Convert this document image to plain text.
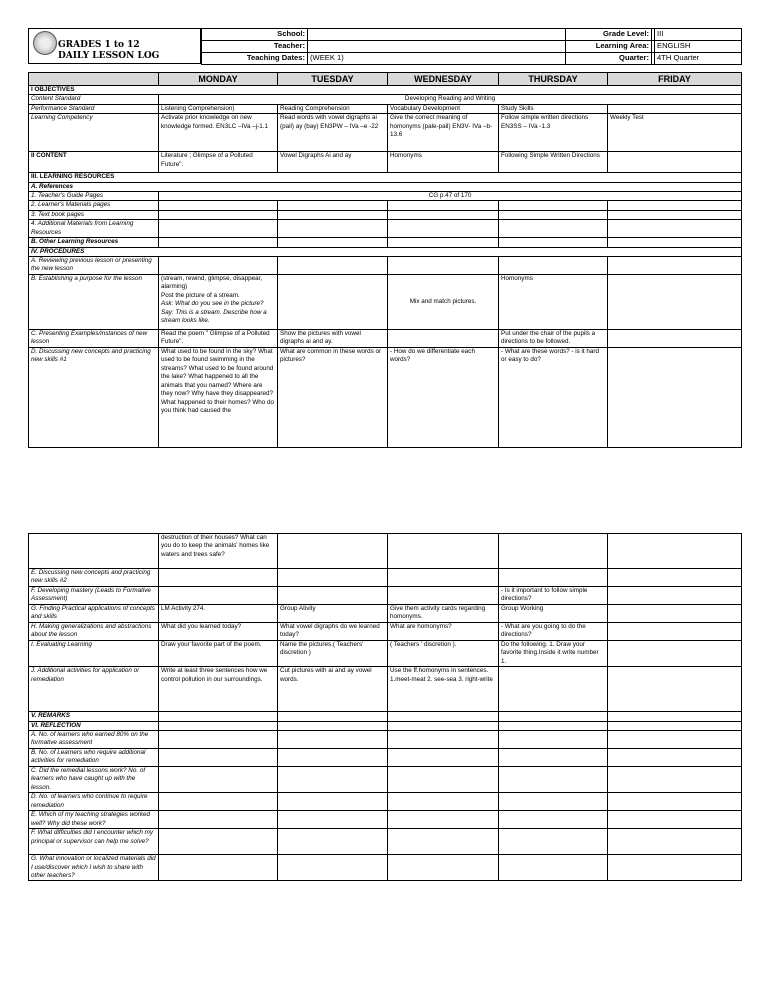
GRADES 1 to 12
DAILY LESSON LOG
School:		Grade Level:		III
Teacher:		Learning Area:		ENGLISH
Teaching Dates:	(WEEK 1)	Quarter:		4TH Quarter
	MONDAY	TUESDAY	WEDNESDAY	THURSDAY	FRIDAY
I OBJECTIVES					
Content Standard	Developing Reading and Writing				
Performance Standard	Listening Comprehension)	Reading Comprehension	Vocabulary Development	Study Skills	
Learning Competency	Activate prior knowledge on new knowledge formed. EN3LC –IVa –j-1.1	Read words with vowel digraphs ai (pail) ay (bay) EN3PW – IVa –e -22	Give the correct meaning of homonyms (pale-pail) EN3V- IVa –b-13.6	Follow simple written directions EN3SS – IVa -1.3	Weekly Test
II CONTENT	Literature ; Glimpse of a Polluted Future".	Vowel Digraphs Ai and ay	Homonyms	Following Simple Written Directions	
III. LEARNING RESOURCES					
A. References					
1. Teacher's Guide Pages	CG p.47 of 170				
2. Learner's Materials pages					
3. Text book pages					
4. Additional Materials from Learning Resources					
B. Other Learning Resources					
IV. PROCEDURES					
A. Reviewing previous lesson or presenting the new lesson					
B. Establishing a purpose for the lesson	(stream, rewind, glimpse, disappear, alarming)
Post the picture of a stream.
Ask: What do you see in the picture?
Say: This is a stream. Describe how a stream looks like.		Mix and match pictures.	Homonyms	
C. Presenting Examples/instances of new lesson	Read the poem " Glimpse of a Polluted Future".	Show the pictures with vowel digraphs ai and ay.		Put under the chair of the pupils a directions to be followed.	
D. Discussing new concepts and practicing new skills #1	What used to be found in the sky? What used to be found swimming in the streams? What used to be found around the lake? What happened to all the animals that you named? Where are they now? Why have they disappeared? What happened to their homes? Who do you think had caused the	What are common in these words or pictures?	- How do we differentiate each words?	- What are these words? - is it hard or easy to do?	
	destruction of their houses? What can you do to keep the animals' homes like waters and trees safe?				
E. Discussing new concepts and practicing new skills #2					
F. Developing mastery (Leads to Formative Assessment)				- Is it important to follow simple directions?	
G. Finding Practical applications of concepts and skills	LM Activity 274.	Group Ativity	Give them activity cards regarding homonyms.	Group Working	
H. Making generalizations and abstractions about the lesson	What did you learned today?	What vowel digraphs do we learned today?	What are homonyms?	- What are you going to do the directions?	
I. Evaluating Learning	Draw your favorite part of the poem.	Name the pictures.( Teachers' discretion )	( Teachers ' discretion ).	Do the following. 1. Draw your favorite thing.Inside it write number 1.	
J. Additional activities for application or remediation	Write at least three sentences how we control pollution in our surroundings.	Cut pictures with ai and ay vowel words.	Use the ff.homonyms in sentences. 1.meet-meat 2. see-sea 3. right-write		
V. REMARKS					
VI. REFLECTION					
A. No. of learners who earned 80% on the formative assessment					
B. No. of Learners who require additional activities for remediation					
C. Did the remedial lessons work? No. of learners who have caught up with the lesson.					
D. No. of learners who continue to require remediation					
E. Which of my teaching strategies worked well? Why did these work?					
F. What difficulties did I encounter which my principal or supervisor can help me solve?					
G. What innovation or localized materials did I use/discover which I wish to share with other teachers?					
